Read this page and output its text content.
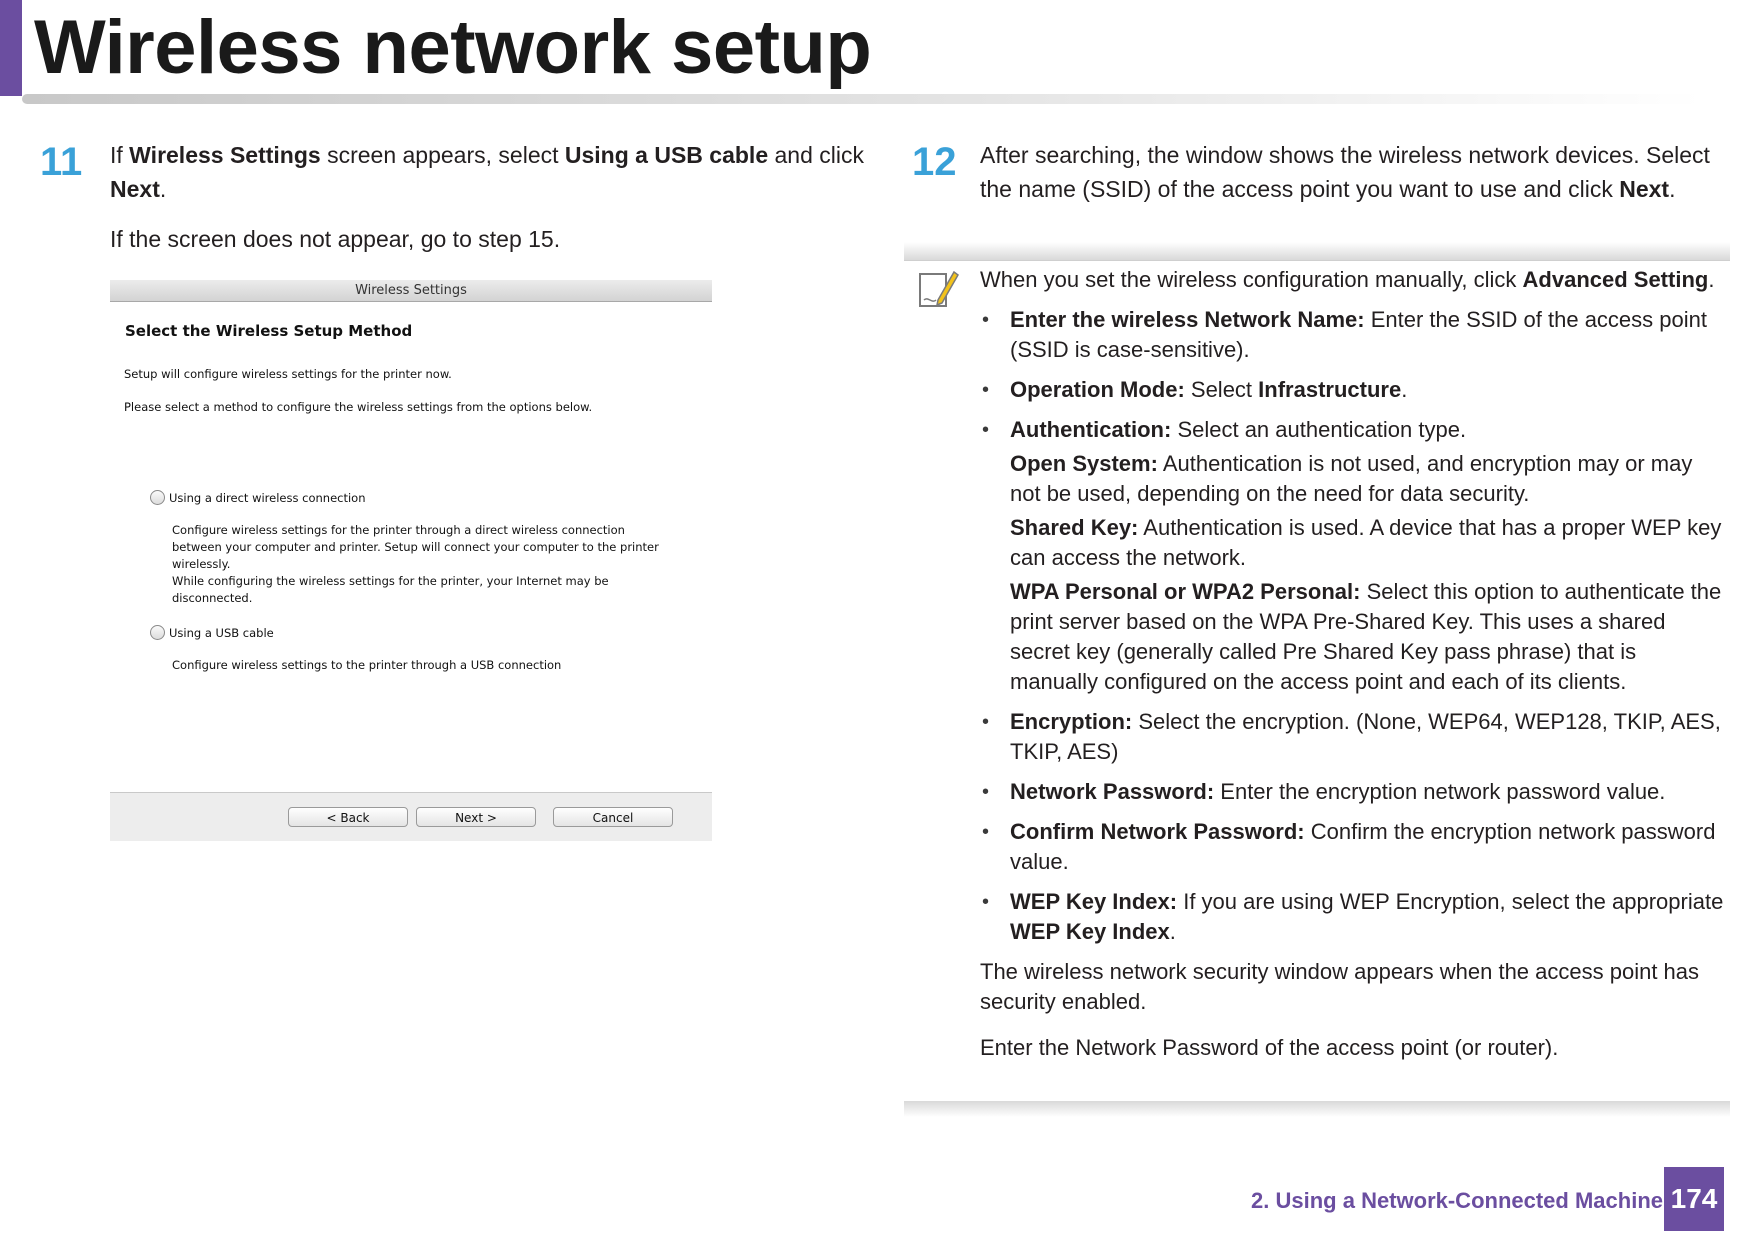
Wireless network setup
11 If Wireless Settings screen appears, select Using a USB cable and click
Next.
If the screen does not appear, go to step 15.
Wireless Settings
Select the Wireless Setup Method
Setup will configure wireless settings for the printer now.
Please select a method to configure the wireless settings from the options below.
Using a direct wireless connection
Configure wireless settings for the printer through a direct wireless connection
between your computer and printer. Setup will connect your computer to the printer
wirelessly.
While configuring the wireless settings for the printer, your Internet may be
disconnected.
Using a USB cable
Configure wireless settings to the printer through a USB connection
< Back	Next >	Cancel
12 After searching, the window shows the wireless network devices. Select
the name (SSID) of the access point you want to use and click Next.

When you set the wireless configuration manually, click Advanced Setting.

• Enter the wireless Network Name: Enter the SSID of the access point (SSID is case-sensitive).
• Operation Mode: Select Infrastructure.
• Authentication: Select an authentication type.

Open System: Authentication is not used, and encryption may or may not be used, depending on the need for data security.

Shared Key: Authentication is used. A device that has a proper WEP key can access the network.

WPA Personal or WPA2 Personal: Select this option to authenticate the print server based on the WPA Pre-Shared Key. This uses a shared secret key (generally called Pre Shared Key pass phrase) that is manually configured on the access point and each of its clients.

• Encryption: Select the encryption. (None, WEP64, WEP128, TKIP, AES, TKIP, AES)
• Network Password: Enter the encryption network password value.
• Confirm Network Password: Confirm the encryption network password value.
• WEP Key Index: If you are using WEP Encryption, select the appropriate WEP Key Index.

The wireless network security window appears when the access point has security enabled.

Enter the Network Password of the access point (or router).

2. Using a Network-Connected Machine 174
